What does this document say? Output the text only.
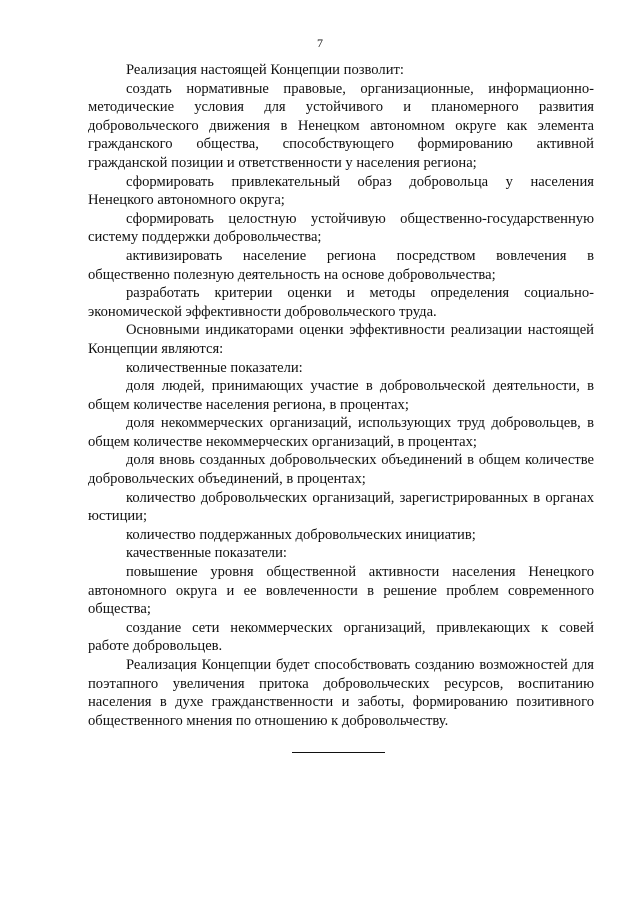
7

Реализация настоящей Концепции позволит:

создать нормативные правовые, организационные, информационно-методические условия для устойчивого и планомерного развития добровольческого движения в Ненецком автономном округе как элемента гражданского общества, способствующего формированию активной гражданской позиции и ответственности у населения региона;

сформировать привлекательный образ добровольца у населения Ненецкого автономного округа;

сформировать целостную устойчивую общественно-государственную систему поддержки добровольчества;

активизировать население региона посредством вовлечения в общественно полезную деятельность на основе добровольчества;

разработать критерии оценки и методы определения социально-экономической эффективности добровольческого труда.

Основными индикаторами оценки эффективности реализации настоящей Концепции являются:

количественные показатели:

доля людей, принимающих участие в добровольческой деятельности, в общем количестве населения региона, в процентах;

доля некоммерческих организаций, использующих труд добровольцев, в общем количестве некоммерческих организаций, в процентах;

доля вновь созданных добровольческих объединений в общем количестве добровольческих объединений, в процентах;

количество добровольческих организаций, зарегистрированных в органах юстиции;

количество поддержанных добровольческих инициатив;

качественные показатели:

повышение уровня общественной активности населения Ненецкого автономного округа и ее вовлеченности в решение проблем современного общества;

создание сети некоммерческих организаций, привлекающих к совей работе добровольцев.

Реализация Концепции будет способствовать созданию возможностей для поэтапного увеличения притока добровольческих ресурсов, воспитанию населения в духе гражданственности и заботы, формированию позитивного общественного мнения по отношению к добровольчеству.
